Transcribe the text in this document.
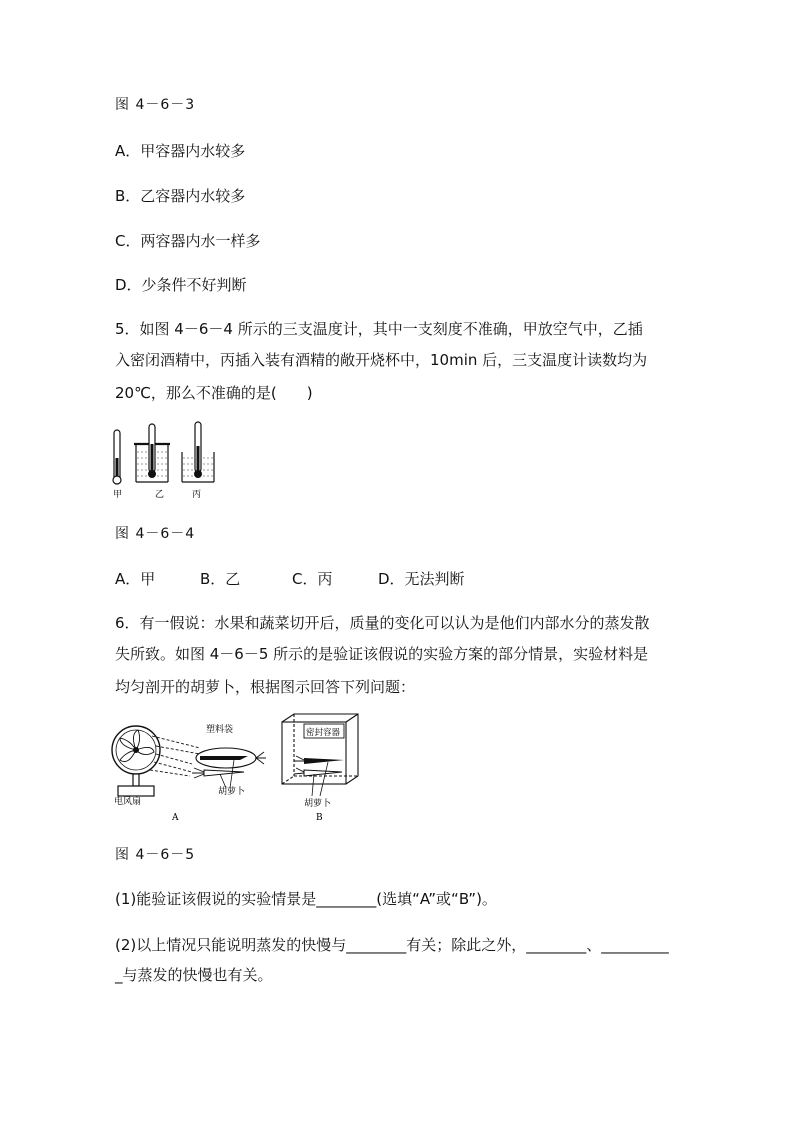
图 4－6－3
A．甲容器内水较多
B．乙容器内水较多
C．两容器内水一样多
D．少条件不好判断
5．如图 4－6－4 所示的三支温度计，其中一支刻度不准确，甲放空气中，乙插
入密闭酒精中，丙插入装有酒精的敞开烧杯中，10min 后，三支温度计读数均为
20℃，那么不准确的是(　　)
甲	乙	丙
图 4－6－4
A．甲	B．乙	C．丙	D．无法判断
6．有一假说：水果和蔬菜切开后，质量的变化可以认为是他们内部水分的蒸发散
失所致。如图 4－6－5 所示的是验证该假说的实验方案的部分情景，实验材料是
均匀剖开的胡萝卜，根据图示回答下列问题：
塑料袋
胡萝卜
电风扇
A
密封容器
胡萝卜
B
图 4－6－5
(1)能验证该假说的实验情景是________(选填“A”或“B”)。
(2)以上情况只能说明蒸发的快慢与________有关；除此之外，________、_________
_与蒸发的快慢也有关。
